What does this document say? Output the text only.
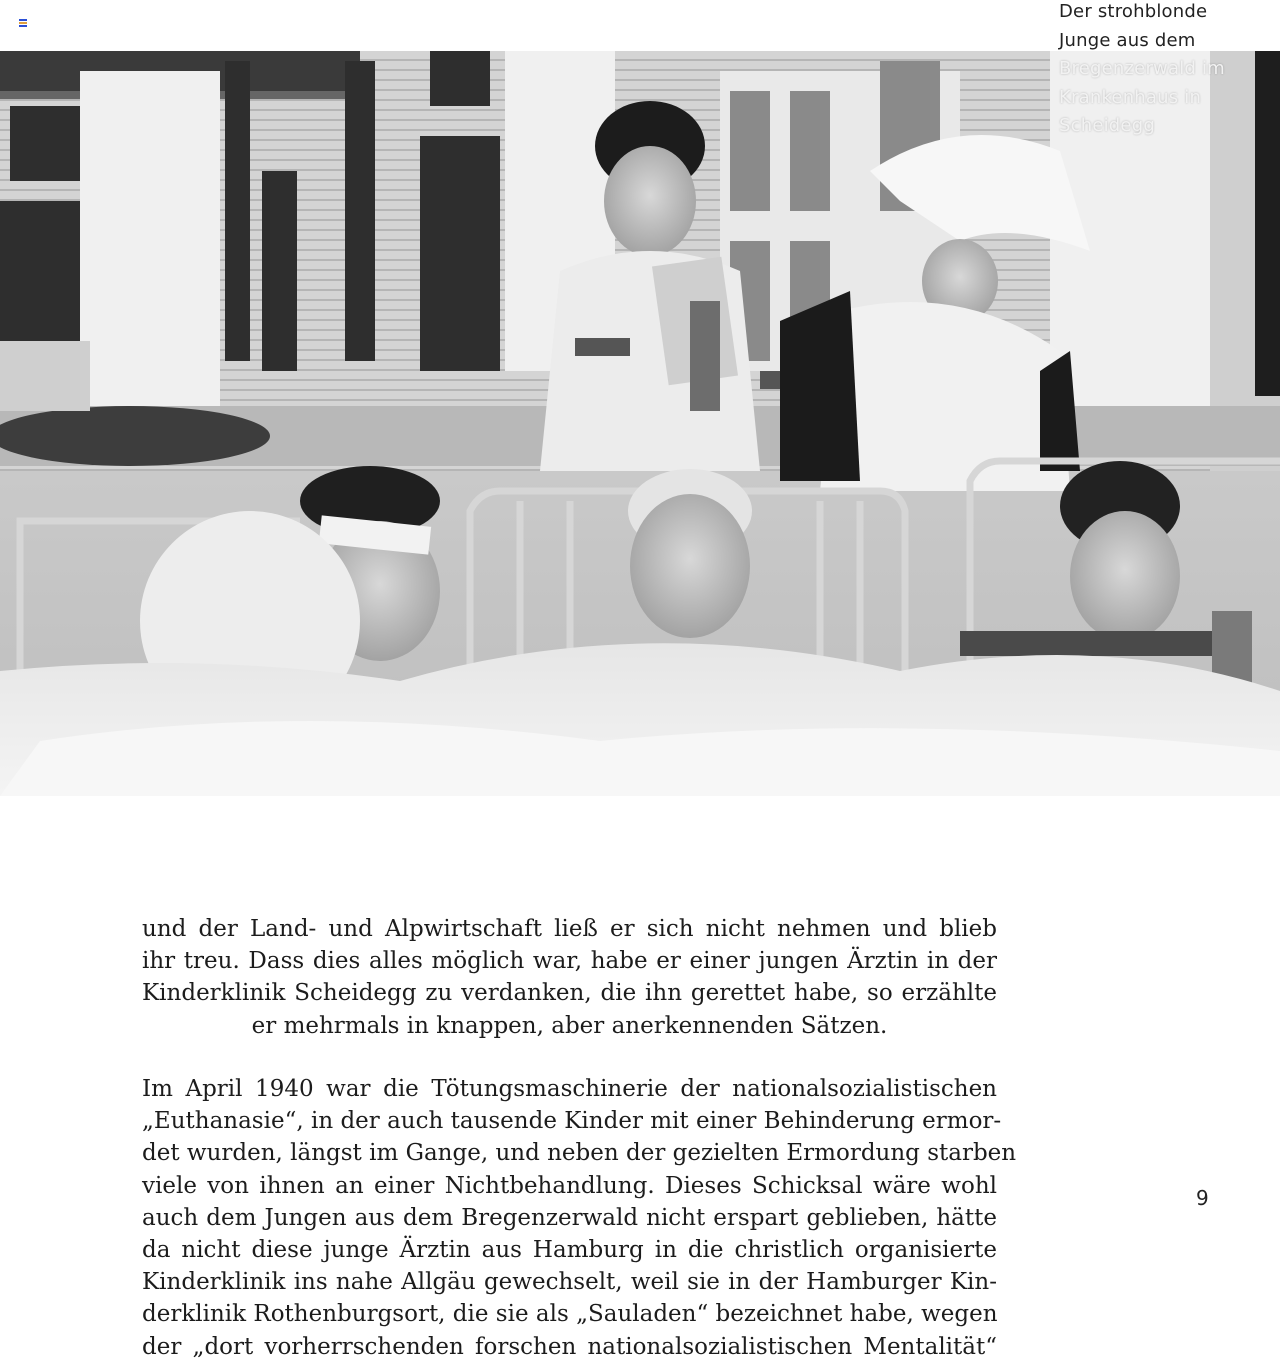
Der strohblonde
Junge aus dem
Bregenzerwald im
Krankenhaus in
Scheidegg
und der Land- und Alpwirtschaft ließ er sich nicht nehmen und blieb
ihr treu. Dass dies alles möglich war, habe er einer jungen Ärztin in der
Kinderklinik Scheidegg zu verdanken, die ihn gerettet habe, so erzählte
er mehrmals in knappen, aber anerkennenden Sätzen.
Im April 1940 war die Tötungsmaschinerie der nationalsozialistischen
„Euthanasie“, in der auch tausende Kinder mit einer Behinderung ermor-
det wurden, längst im Gange, und neben der gezielten Ermordung starben
viele von ihnen an einer Nichtbehandlung. Dieses Schicksal wäre wohl
auch dem Jungen aus dem Bregenzerwald nicht erspart geblieben, hätte
da nicht diese junge Ärztin aus Hamburg in die christlich organisierte
Kinderklinik ins nahe Allgäu gewechselt, weil sie in der Hamburger Kin-
derklinik Rothenburgsort, die sie als „Sauladen“ bezeichnet habe, wegen
der „dort vorherrschenden forschen nationalsozialistischen Mentalität“
9
